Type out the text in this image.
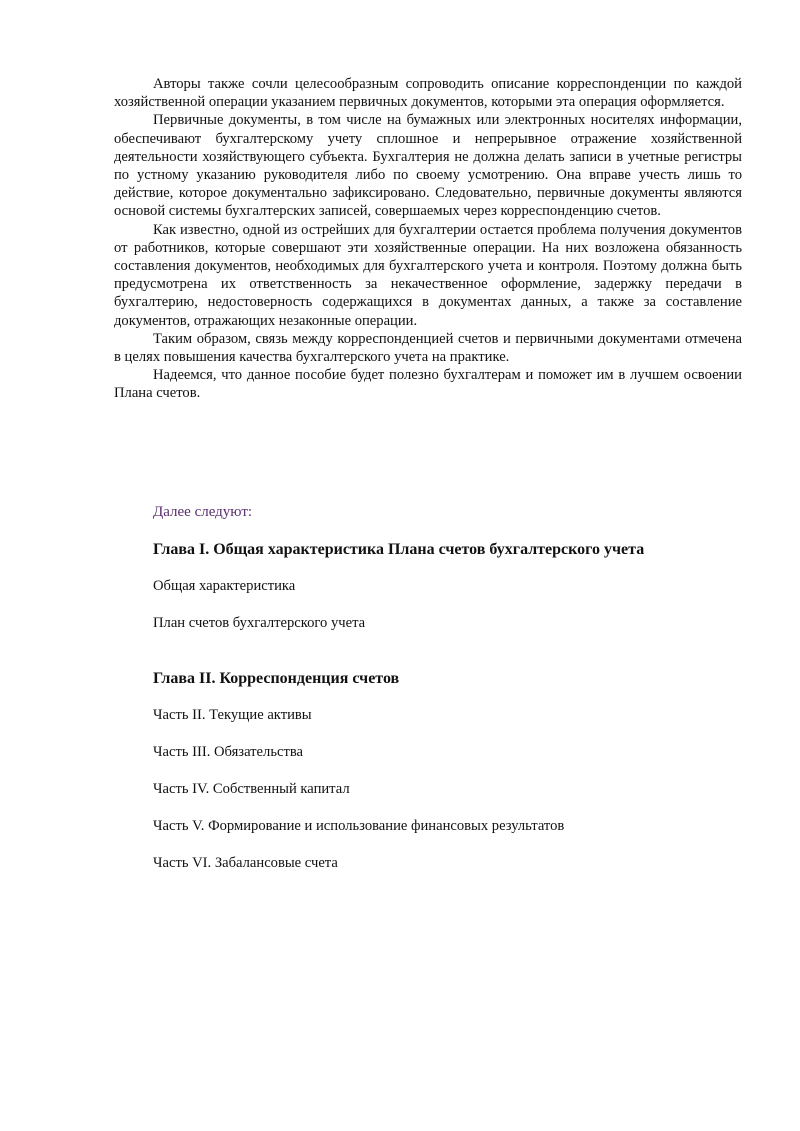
Авторы также сочли целесообразным сопроводить описание корреспонденции по каждой хозяйственной операции указанием первичных документов, которыми эта операция оформляется.

Первичные документы, в том числе на бумажных или электронных носителях информации, обеспечивают бухгалтерскому учету сплошное и непрерывное отражение хозяйственной деятельности хозяйствующего субъекта. Бухгалтерия не должна делать записи в учетные регистры по устному указанию руководителя либо по своему усмотрению. Она вправе учесть лишь то действие, которое документально зафиксировано. Следовательно, первичные документы являются основой системы бухгалтерских записей, совершаемых через корреспонденцию счетов.

Как известно, одной из острейших для бухгалтерии остается проблема получения документов от работников, которые совершают эти хозяйственные операции. На них возложена обязанность составления документов, необходимых для бухгалтерского учета и контроля. Поэтому должна быть предусмотрена их ответственность за некачественное оформление, задержку передачи в бухгалтерию, недостоверность содержащихся в документах данных, а также за составление документов, отражающих незаконные операции.

Таким образом, связь между корреспонденцией счетов и первичными документами отмечена в целях повышения качества бухгалтерского учета на практике.

Надеемся, что данное пособие будет полезно бухгалтерам и поможет им в лучшем освоении Плана счетов.

Далее следуют:

Глава I. Общая характеристика Плана счетов бухгалтерского учета

Общая характеристика

План счетов бухгалтерского учета

Глава II. Корреспонденция счетов

Часть II. Текущие активы

Часть III. Обязательства

Часть IV. Собственный капитал

Часть V. Формирование и использование финансовых результатов

Часть VI. Забалансовые счета
